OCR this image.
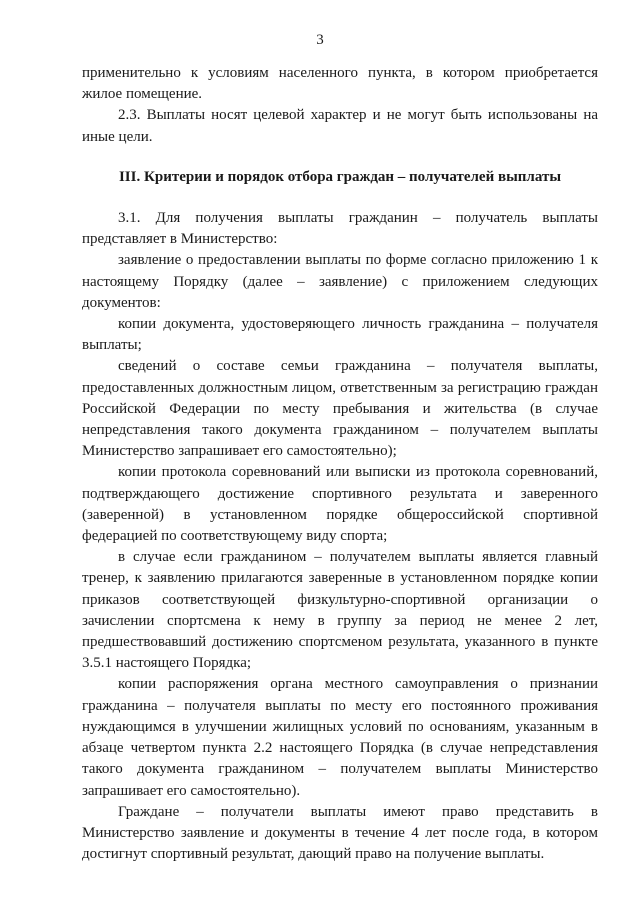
3

применительно к условиям населенного пункта, в котором приобретается жилое помещение.

2.3. Выплаты носят целевой характер и не могут быть использованы на иные цели.

III. Критерии и порядок отбора граждан – получателей выплаты

3.1. Для получения выплаты гражданин – получатель выплаты представляет в Министерство:

заявление о предоставлении выплаты по форме согласно приложению 1 к настоящему Порядку (далее – заявление) с приложением следующих документов:

копии документа, удостоверяющего личность гражданина – получателя выплаты;

сведений о составе семьи гражданина – получателя выплаты, предоставленных должностным лицом, ответственным за регистрацию граждан Российской Федерации по месту пребывания и жительства (в случае непредставления такого документа гражданином – получателем выплаты Министерство запрашивает его самостоятельно);

копии протокола соревнований или выписки из протокола соревнований, подтверждающего достижение спортивного результата и заверенного (заверенной) в установленном порядке общероссийской спортивной федерацией по соответствующему виду спорта;

в случае если гражданином – получателем выплаты является главный тренер, к заявлению прилагаются заверенные в установленном порядке копии приказов соответствующей физкультурно-спортивной организации о зачислении спортсмена к нему в группу за период не менее 2 лет, предшествовавший достижению спортсменом результата, указанного в пункте 3.5.1 настоящего Порядка;

копии распоряжения органа местного самоуправления о признании гражданина – получателя выплаты по месту его постоянного проживания нуждающимся в улучшении жилищных условий по основаниям, указанным в абзаце четвертом пункта 2.2 настоящего Порядка (в случае непредставления такого документа гражданином – получателем выплаты Министерство запрашивает его самостоятельно).

Граждане – получатели выплаты имеют право представить в Министерство заявление и документы в течение 4 лет после года, в котором достигнут спортивный результат, дающий право на получение выплаты.
